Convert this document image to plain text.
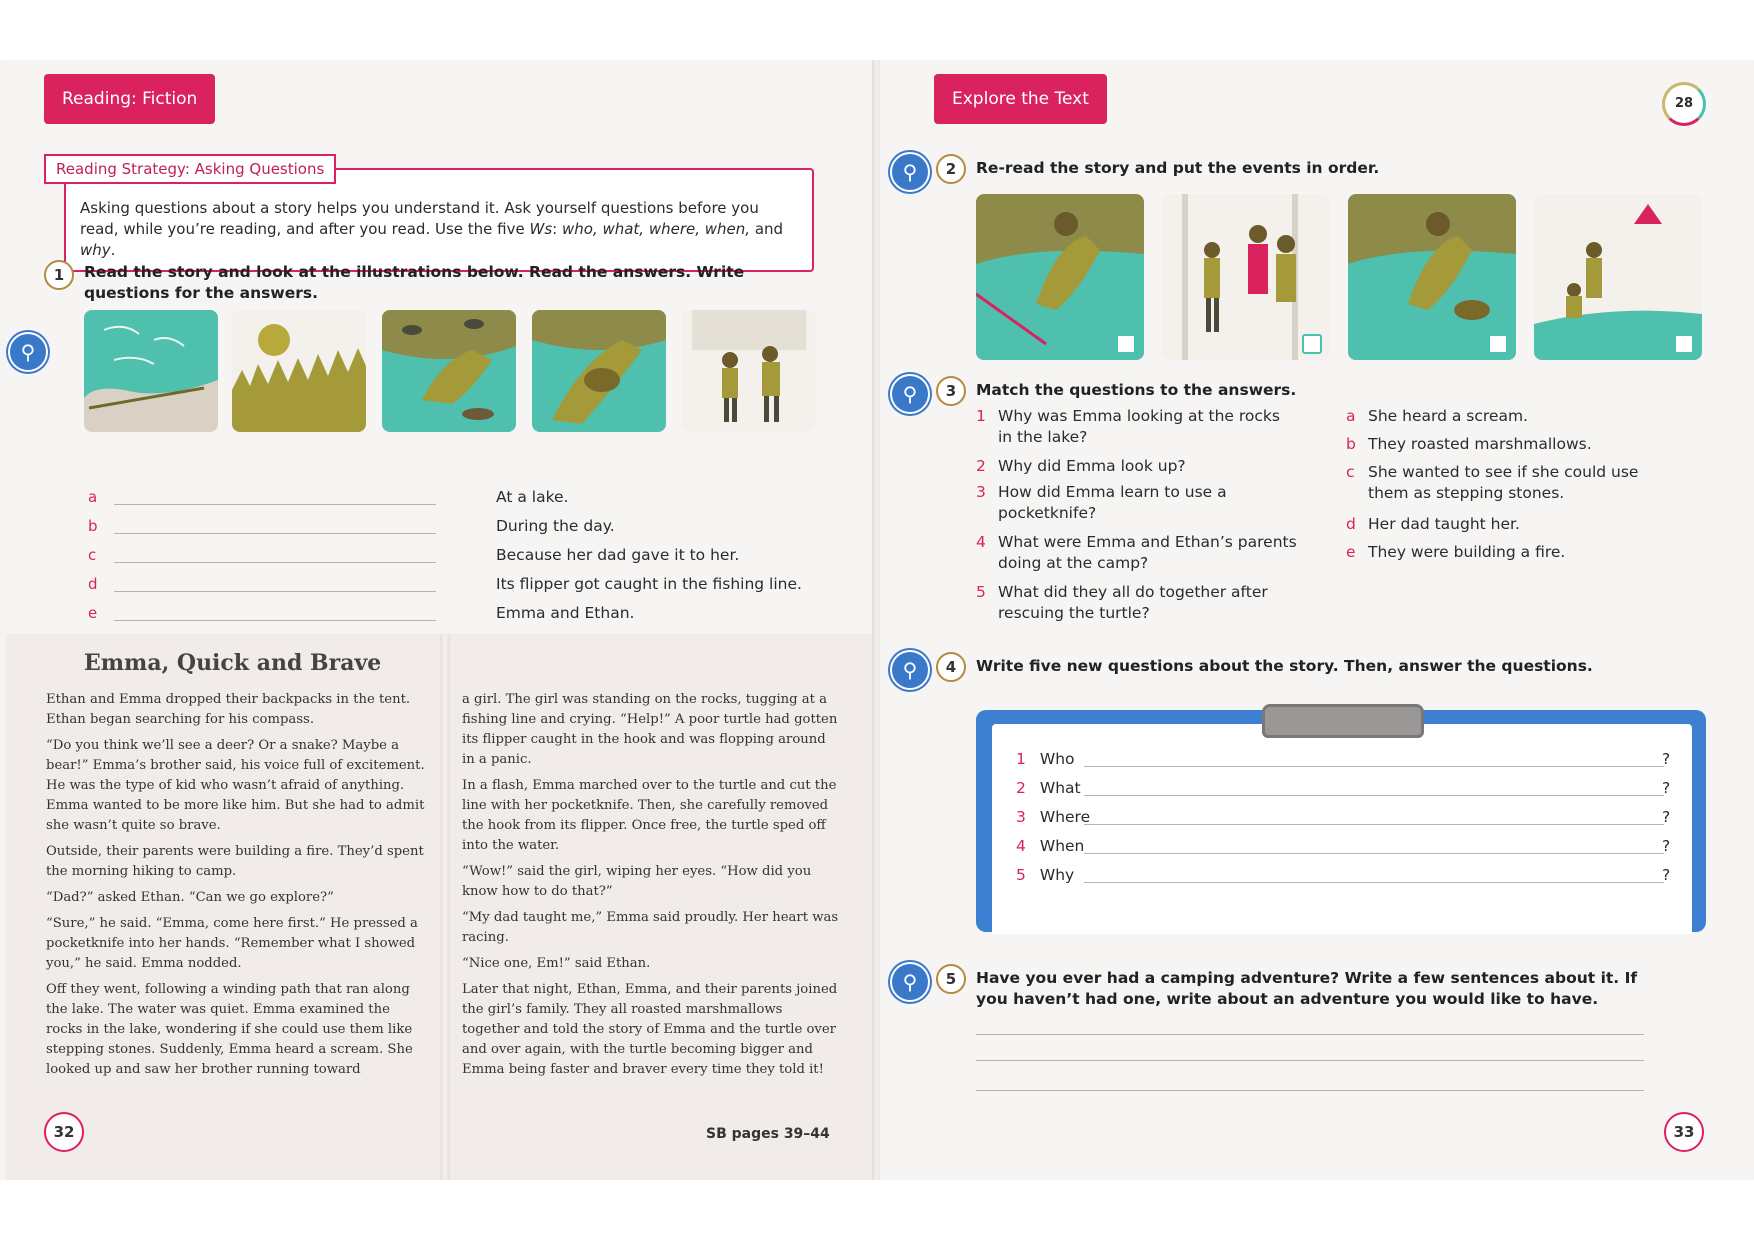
Reading: Fiction
Reading Strategy: Asking Questions
Asking questions about a story helps you understand it. Ask yourself questions before you read, while you’re reading, and after you read. Use the five Ws: who, what, where, when, and why.
⚲
1	Read the story and look at the illustrations below. Read the answers. Write questions for the answers.
a	At a lake.
b	During the day.
c	Because her dad gave it to her.
d	Its flipper got caught in the fishing line.
e	Emma and Ethan.
Emma, Quick and Brave

Ethan and Emma dropped their backpacks in the tent. Ethan began searching for his compass.

“Do you think we’ll see a deer? Or a snake? Maybe a bear!” Emma’s brother said, his voice full of excitement. He was the type of kid who wasn’t afraid of anything. Emma wanted to be more like him. But she had to admit she wasn’t quite so brave.

Outside, their parents were building a fire. They’d spent the morning hiking to camp.

“Dad?” asked Ethan. “Can we go explore?”

“Sure,” he said. “Emma, come here first.” He pressed a pocketknife into her hands. “Remember what I showed you,” he said. Emma nodded.

Off they went, following a winding path that ran along the lake. The water was quiet. Emma examined the rocks in the lake, wondering if she could use them like stepping stones. Suddenly, Emma heard a scream. She looked up and saw her brother running toward

a girl. The girl was standing on the rocks, tugging at a fishing line and crying. “Help!” A poor turtle had gotten its flipper caught in the hook and was flopping around in a panic.

In a flash, Emma marched over to the turtle and cut the line with her pocketknife. Then, she carefully removed the hook from its flipper. Once free, the turtle sped off into the water.

“Wow!” said the girl, wiping her eyes. “How did you know how to do that?”

“My dad taught me,” Emma said proudly. Her heart was racing.

“Nice one, Em!” said Ethan.

Later that night, Ethan, Emma, and their parents joined the girl’s family. They all roasted marshmallows together and told the story of Emma and the turtle over and over again, with the turtle becoming bigger and Emma being faster and braver every time they told it!

32	SB pages 39–44
Explore the Text	28
⚲	2	Re-read the story and put the events in order.
⚲	3	Match the questions to the answers.
1 Why was Emma looking at the rocks in the lake?
2 Why did Emma look up?
3 How did Emma learn to use a pocketknife?
4 What were Emma and Ethan’s parents doing at the camp?
5 What did they all do together after rescuing the turtle?
a She heard a scream.
b They roasted marshmallows.
c She wanted to see if she could use them as stepping stones.
d Her dad taught her.
e They were building a fire.
⚲	4	Write five new questions about the story. Then, answer the questions.
1 Who	?
2 What	?
3 Where	?
4 When	?
5 Why	?
⚲	5	Have you ever had a camping adventure? Write a few sentences about it. If you haven’t had one, write about an adventure you would like to have.
33
